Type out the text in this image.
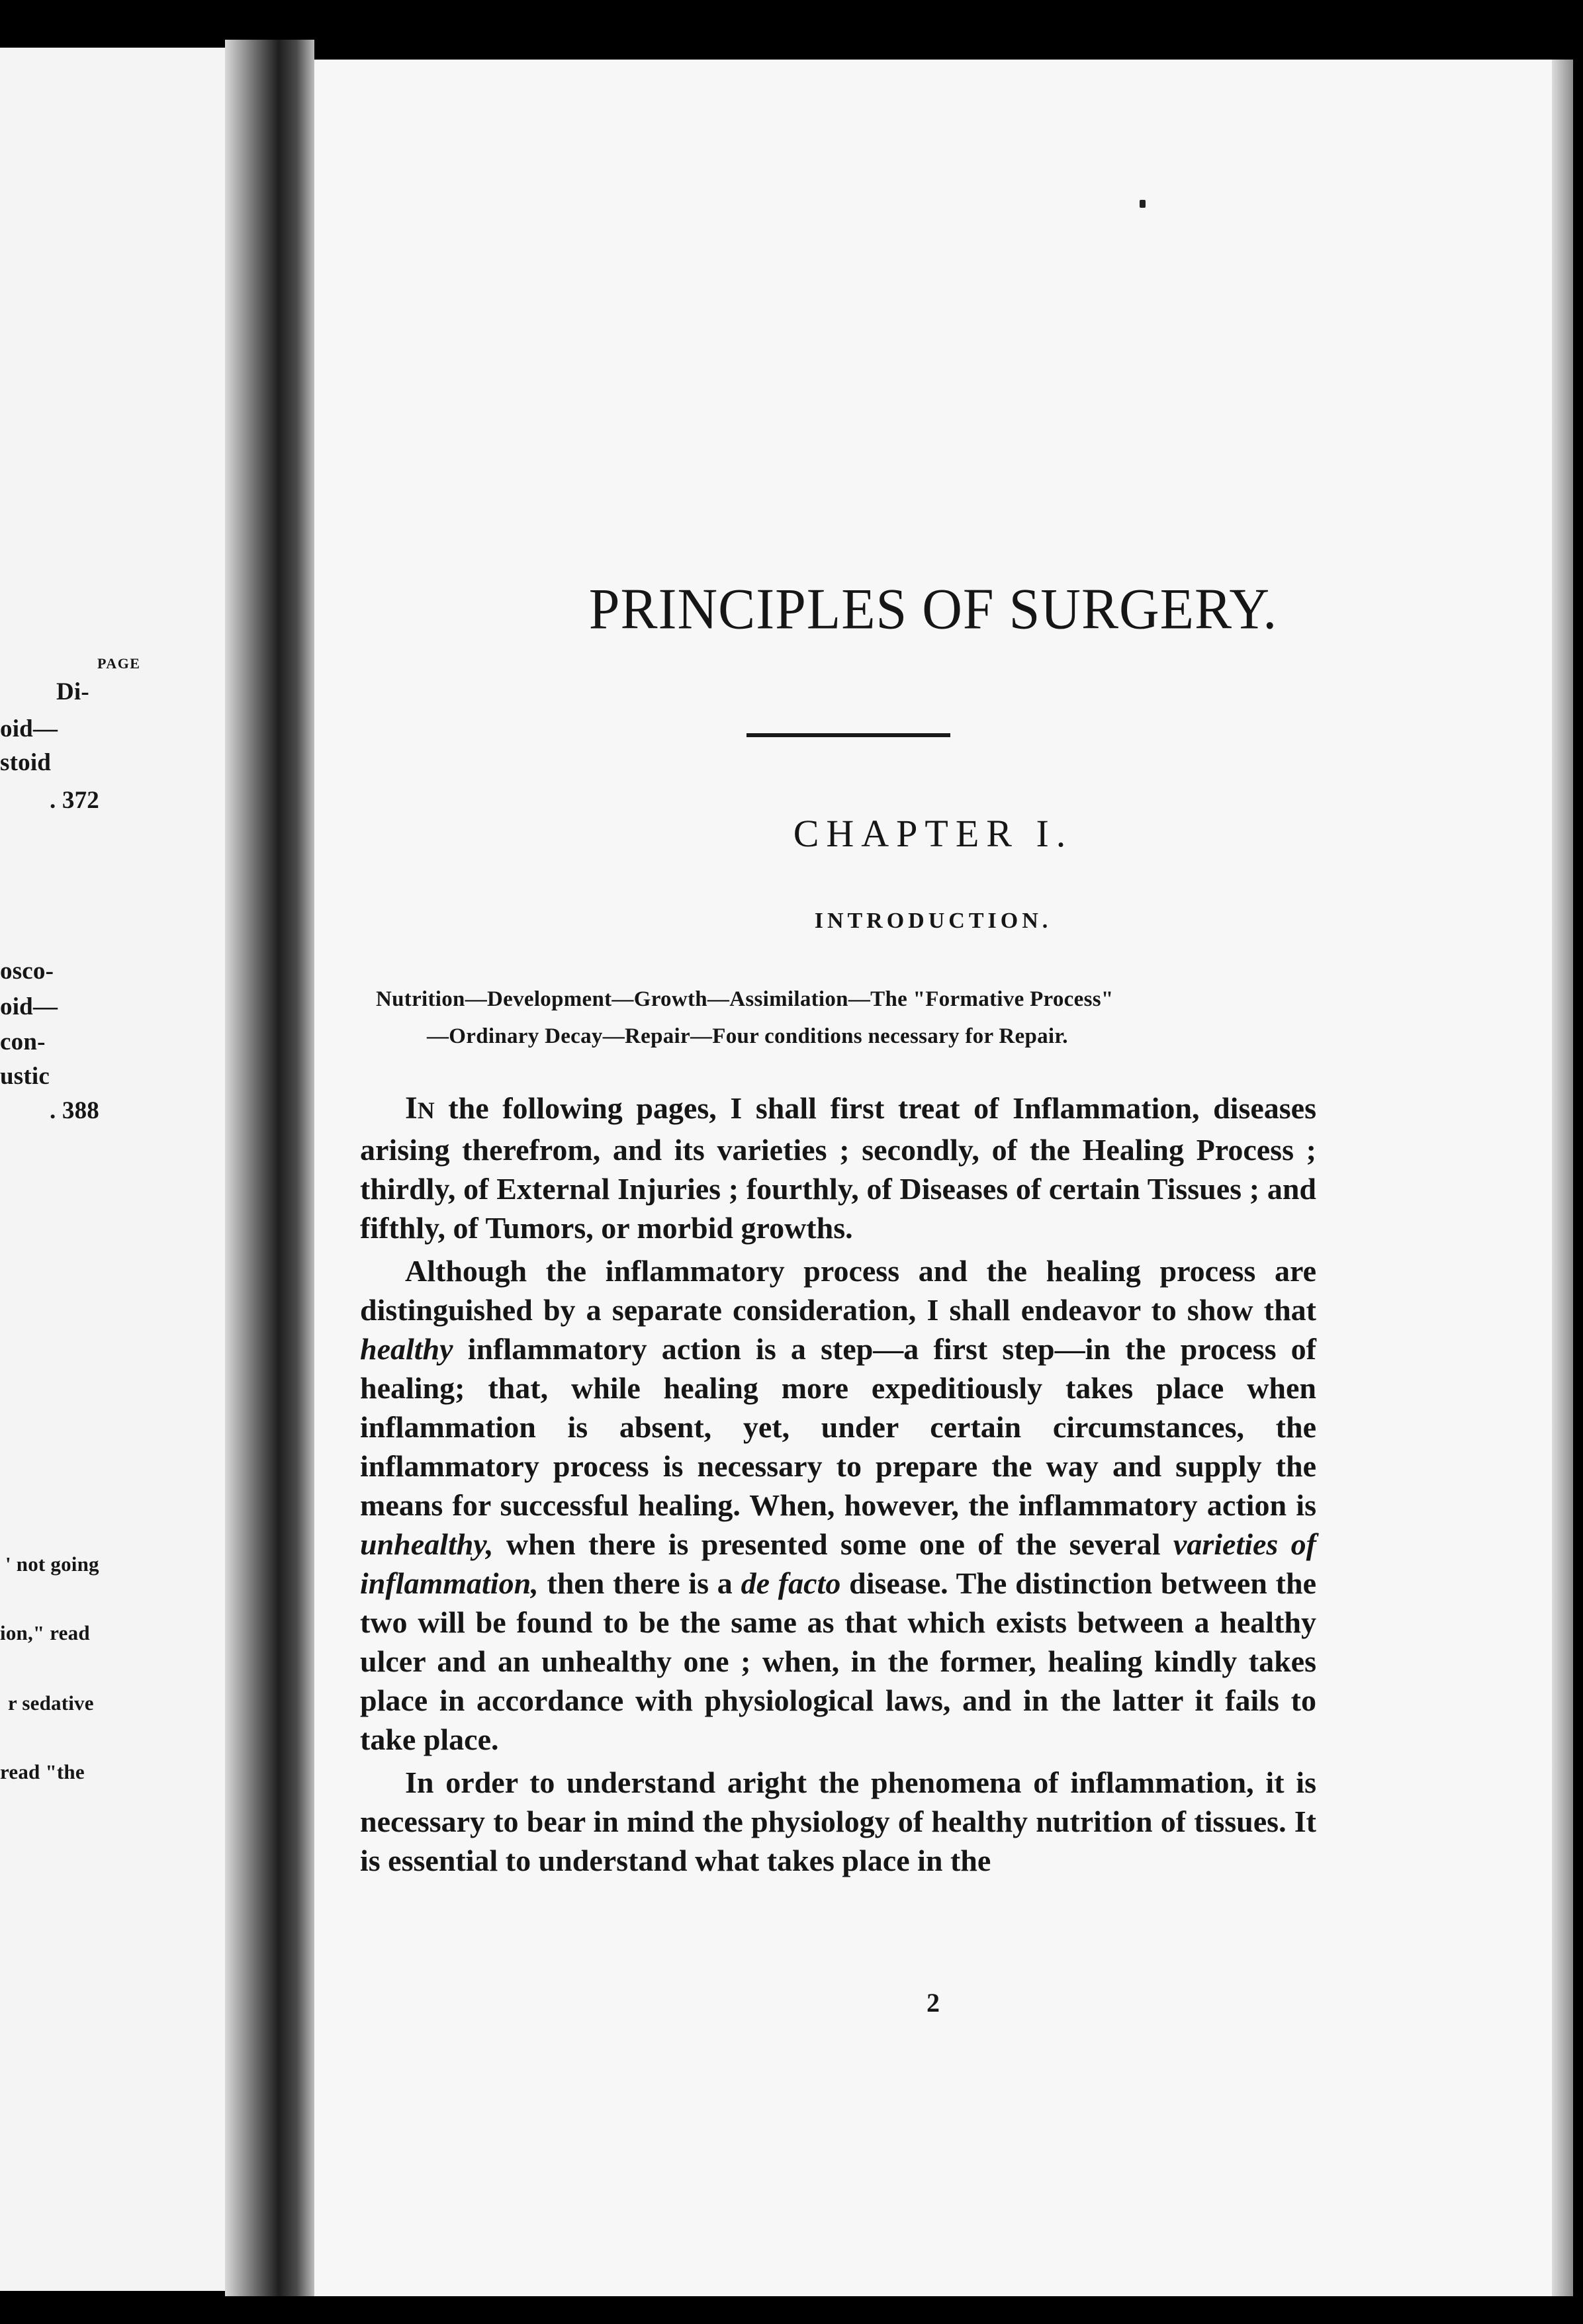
PAGE
Di-
oid—
stoid
. 372
osco-
oid—
con-
ustic
. 388
' not going
ion," read
r sedative
read "the
PRINCIPLES OF SURGERY.
CHAPTER I.
INTRODUCTION.
Nutrition—Development—Growth—Assimilation—The "Formative Process"
—Ordinary Decay—Repair—Four conditions necessary for Repair.

IN the following pages, I shall first treat of Inflammation, diseases arising therefrom, and its varieties ; secondly, of the Healing Process ; thirdly, of External Injuries ; fourthly, of Diseases of certain Tissues ; and fifthly, of Tumors, or morbid growths.

Although the inflammatory process and the healing process are distinguished by a separate consideration, I shall endeavor to show that healthy inflammatory action is a step—a first step—in the process of healing; that, while healing more expeditiously takes place when inflammation is absent, yet, under certain circumstances, the inflammatory process is necessary to prepare the way and supply the means for successful healing. When, however, the inflammatory action is unhealthy, when there is presented some one of the several varieties of inflammation, then there is a de facto disease. The distinction between the two will be found to be the same as that which exists between a healthy ulcer and an unhealthy one ; when, in the former, healing kindly takes place in accordance with physiological laws, and in the latter it fails to take place.

In order to understand aright the phenomena of inflammation, it is necessary to bear in mind the physiology of healthy nutrition of tissues. It is essential to understand what takes place in the

2
